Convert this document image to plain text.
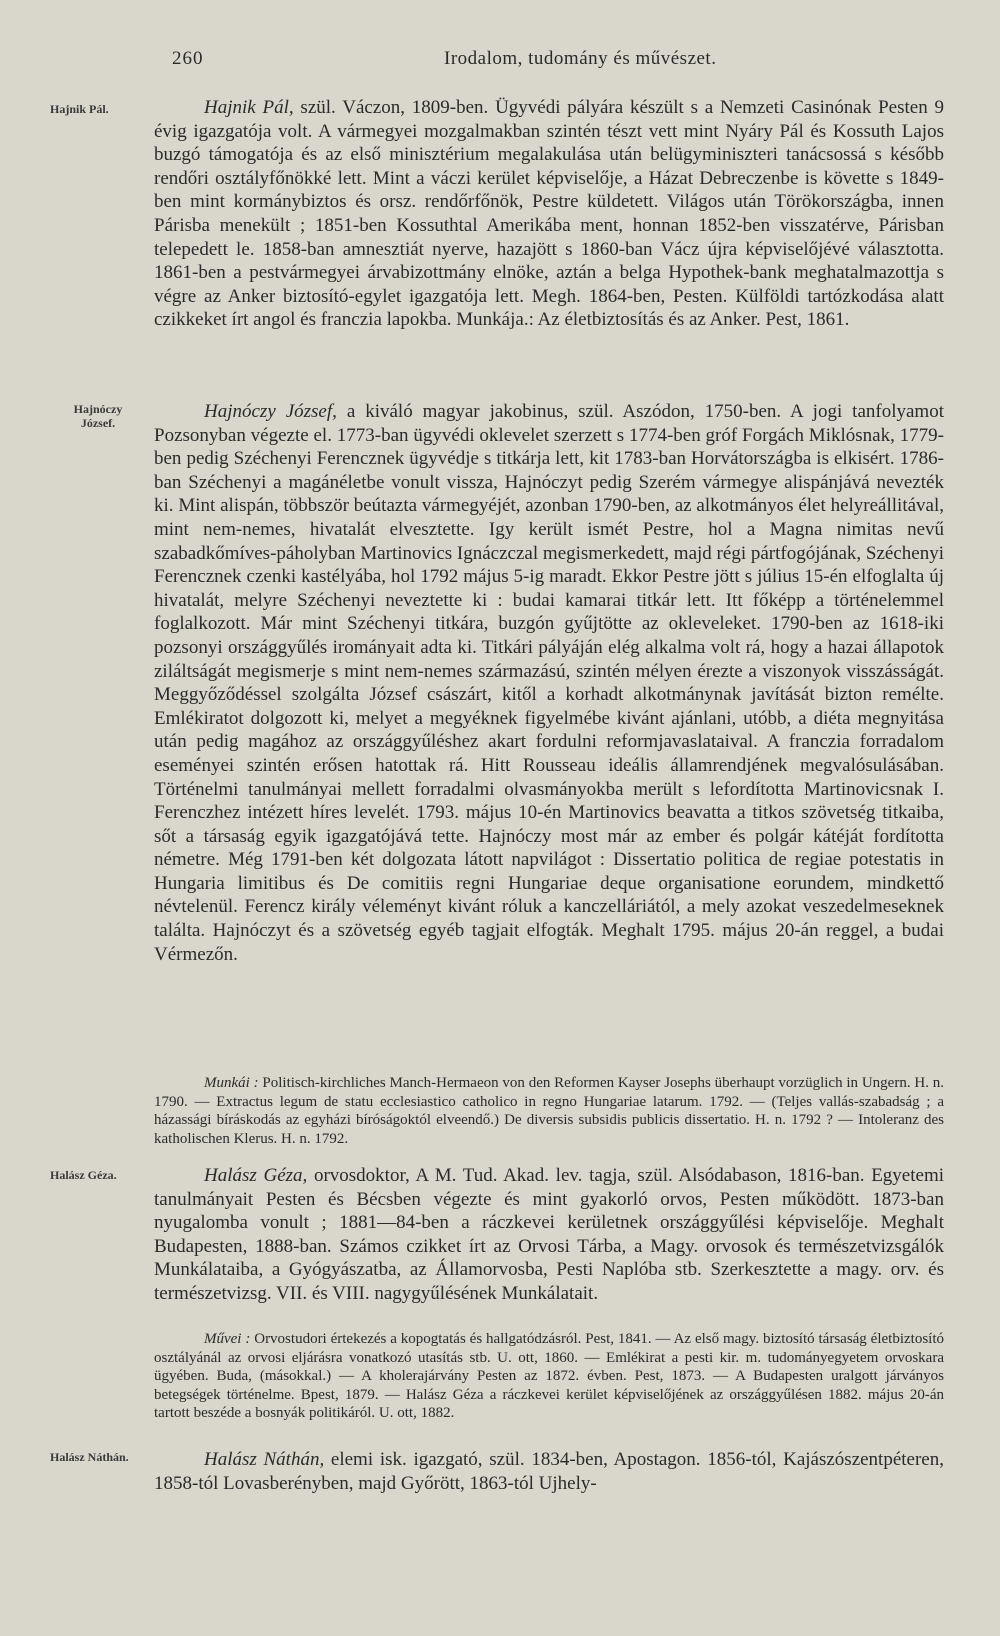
260	Irodalom, tudomány és művészet.
Hajnik Pál.
Hajnóczy
József.
Halász Géza.
Halász Náthán.

Hajnik Pál, szül. Váczon, 1809-ben. Ügyvédi pályára készült s a Nemzeti Casinónak Pesten 9 évig igazgatója volt. A vármegyei mozgalmakban szintén tészt vett mint Nyáry Pál és Kossuth Lajos buzgó támogatója és az első minisztérium megalakulása után belügyminiszteri tanácsossá s később rendőri osztályfőnökké lett. Mint a váczi kerület képviselője, a Házat Debreczenbe is követte s 1849-ben mint kormánybiztos és orsz. rendőrfőnök, Pestre küldetett. Világos után Törökországba, innen Párisba menekült ; 1851-ben Kossuthtal Amerikába ment, honnan 1852-ben visszatérve, Párisban telepedett le. 1858-ban amnesztiát nyerve, hazajött s 1860-ban Vácz újra képviselőjévé választotta. 1861-ben a pestvármegyei árvabizottmány elnöke, aztán a belga Hypothek-bank meghatalmazottja s végre az Anker biztosító-egylet igazgatója lett. Megh. 1864-ben, Pesten. Külföldi tartózkodása alatt czikkeket írt angol és franczia lapokba. Munkája.: Az életbiztosítás és az Anker. Pest, 1861.

Hajnóczy József, a kiváló magyar jakobinus, szül. Aszódon, 1750-ben. A jogi tanfolyamot Pozsonyban végezte el. 1773-ban ügyvédi oklevelet szerzett s 1774-ben gróf Forgách Miklósnak, 1779-ben pedig Széchenyi Ferencznek ügyvédje s titkárja lett, kit 1783-ban Horvátországba is elkisért. 1786-ban Széchenyi a magánéletbe vonult vissza, Hajnóczyt pedig Szerém vármegye alispánjává nevezték ki. Mint alispán, többször beútazta vármegyéjét, azonban 1790-ben, az alkotmányos élet helyreállitával, mint nem-nemes, hivatalát elvesztette. Igy került ismét Pestre, hol a Magna nimitas nevű szabadkőmíves-páholyban Martinovics Ignáczczal megismerkedett, majd régi pártfogójának, Széchenyi Ferencznek czenki kastélyába, hol 1792 május 5-ig maradt. Ekkor Pestre jött s július 15-én elfoglalta új hivatalát, melyre Széchenyi neveztette ki : budai kamarai titkár lett. Itt főképp a történelemmel foglalkozott. Már mint Széchenyi titkára, buzgón gyűjtötte az okleveleket. 1790-ben az 1618-iki pozsonyi országgyűlés irományait adta ki. Titkári pályáján elég alkalma volt rá, hogy a hazai állapotok ziláltságát megismerje s mint nem-nemes származású, szintén mélyen érezte a viszonyok visszásságát. Meggyőződéssel szolgálta József császárt, kitől a korhadt alkotmánynak javítását bizton remélte. Emlékiratot dolgozott ki, melyet a megyéknek figyelmébe kivánt ajánlani, utóbb, a diéta megnyitása után pedig magához az országgyűléshez akart fordulni reformjavaslataival. A franczia forradalom eseményei szintén erősen hatottak rá. Hitt Rousseau ideális államrendjének megvalósulásában. Történelmi tanulmányai mellett forradalmi olvasmányokba merült s lefordította Martinovicsnak I. Ferenczhez intézett híres levelét. 1793. május 10-én Martinovics beavatta a titkos szövetség titkaiba, sőt a társaság egyik igazgatójává tette. Hajnóczy most már az ember és polgár kátéját fordította németre. Még 1791-ben két dolgozata látott napvilágot : Dissertatio politica de regiae potestatis in Hungaria limitibus és De comitiis regni Hungariae deque organisatione eorundem, mindkettő névtelenül. Ferencz király véleményt kivánt róluk a kanczelláriától, a mely azokat veszedelmeseknek találta. Hajnóczyt és a szövetség egyéb tagjait elfogták. Meghalt 1795. május 20-án reggel, a budai Vérmezőn.

Munkái : Politisch-kirchliches Manch-Hermaeon von den Reformen Kayser Josephs überhaupt vorzüglich in Ungern. H. n. 1790. — Extractus legum de statu ecclesiastico catholico in regno Hungariae latarum. 1792. — (Teljes vallás-szabadság ; a házassági bíráskodás az egyházi bíróságoktól elveendő.) De diversis subsidis publicis dissertatio. H. n. 1792 ? — Intoleranz des katholischen Klerus. H. n. 1792.

Halász Géza, orvosdoktor, A M. Tud. Akad. lev. tagja, szül. Alsódabason, 1816-ban. Egyetemi tanulmányait Pesten és Bécsben végezte és mint gyakorló orvos, Pesten működött. 1873-ban nyugalomba vonult ; 1881—84-ben a ráczkevei kerületnek országgyűlési képviselője. Meghalt Budapesten, 1888-ban. Számos czikket írt az Orvosi Tárba, a Magy. orvosok és természetvizsgálók Munkálataiba, a Gyógyászatba, az Államorvosba, Pesti Naplóba stb. Szerkesztette a magy. orv. és természetvizsg. VII. és VIII. nagygyűlésének Munkálatait.

Művei : Orvostudori értekezés a kopogtatás és hallgatódzásról. Pest, 1841. — Az első magy. biztosító társaság életbiztosító osztályánál az orvosi eljárásra vonatkozó utasítás stb. U. ott, 1860. — Emlékirat a pesti kir. m. tudományegyetem orvoskara ügyében. Buda, (másokkal.) — A kholerajárvány Pesten az 1872. évben. Pest, 1873. — A Budapesten uralgott járványos betegségek történelme. Bpest, 1879. — Halász Géza a ráczkevei kerület képviselőjének az országgyűlésen 1882. május 20-án tartott beszéde a bosnyák politikáról. U. ott, 1882.

Halász Náthán, elemi isk. igazgató, szül. 1834-ben, Apostagon. 1856-tól, Kajászószentpéteren, 1858-tól Lovasberényben, majd Győrött, 1863-tól Ujhely-
